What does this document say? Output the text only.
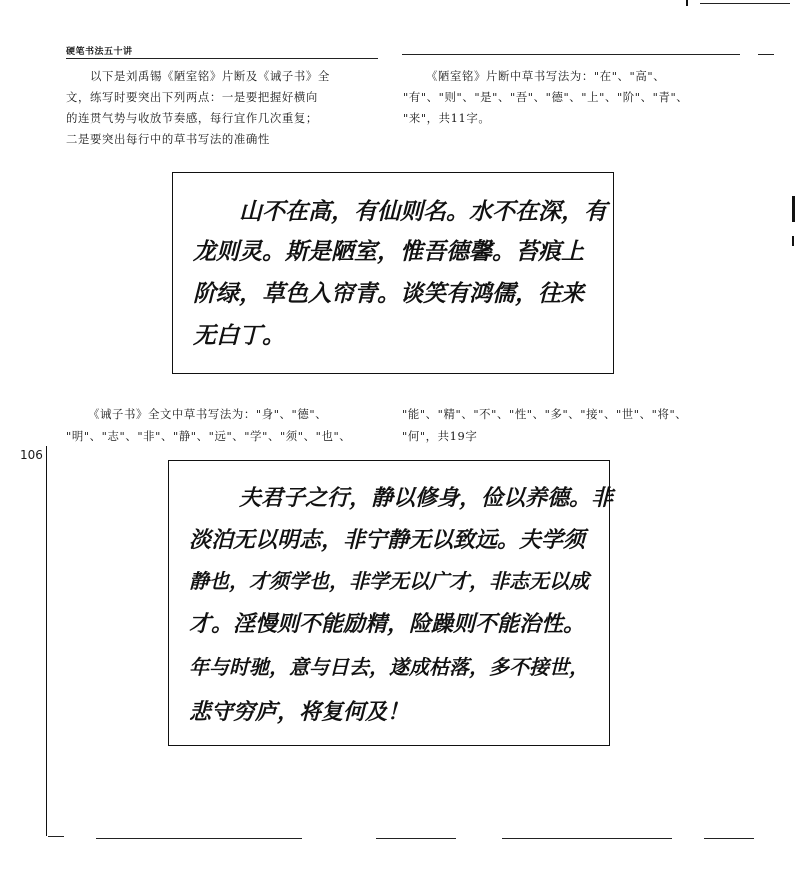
硬笔书法五十讲
以下是刘禹锡《陋室铭》片断及《诫子书》全
文，练写时要突出下列两点：一是要把握好横向
的连贯气势与收放节奏感，每行宜作几次重复；
二是要突出每行中的草书写法的准确性
《陋室铭》片断中草书写法为："在"、"高"、
"有"、"则"、"是"、"吾"、"德"、"上"、"阶"、"青"、
"来"，共11字。
山不在高，有仙则名。水不在深，有
龙则灵。斯是陋室，惟吾德馨。苔痕上
阶绿，草色入帘青。谈笑有鸿儒，往来
无白丁。
《诫子书》全文中草书写法为："身"、"德"、
"明"、"志"、"非"、"静"、"远"、"学"、"须"、"也"、
"能"、"精"、"不"、"性"、"多"、"接"、"世"、"将"、
"何"，共19字
106
夫君子之行，静以修身，俭以养德。非
淡泊无以明志，非宁静无以致远。夫学须
静也，才须学也，非学无以广才，非志无以成
才。淫慢则不能励精，险躁则不能治性。
年与时驰，意与日去，遂成枯落，多不接世，
悲守穷庐，将复何及！
